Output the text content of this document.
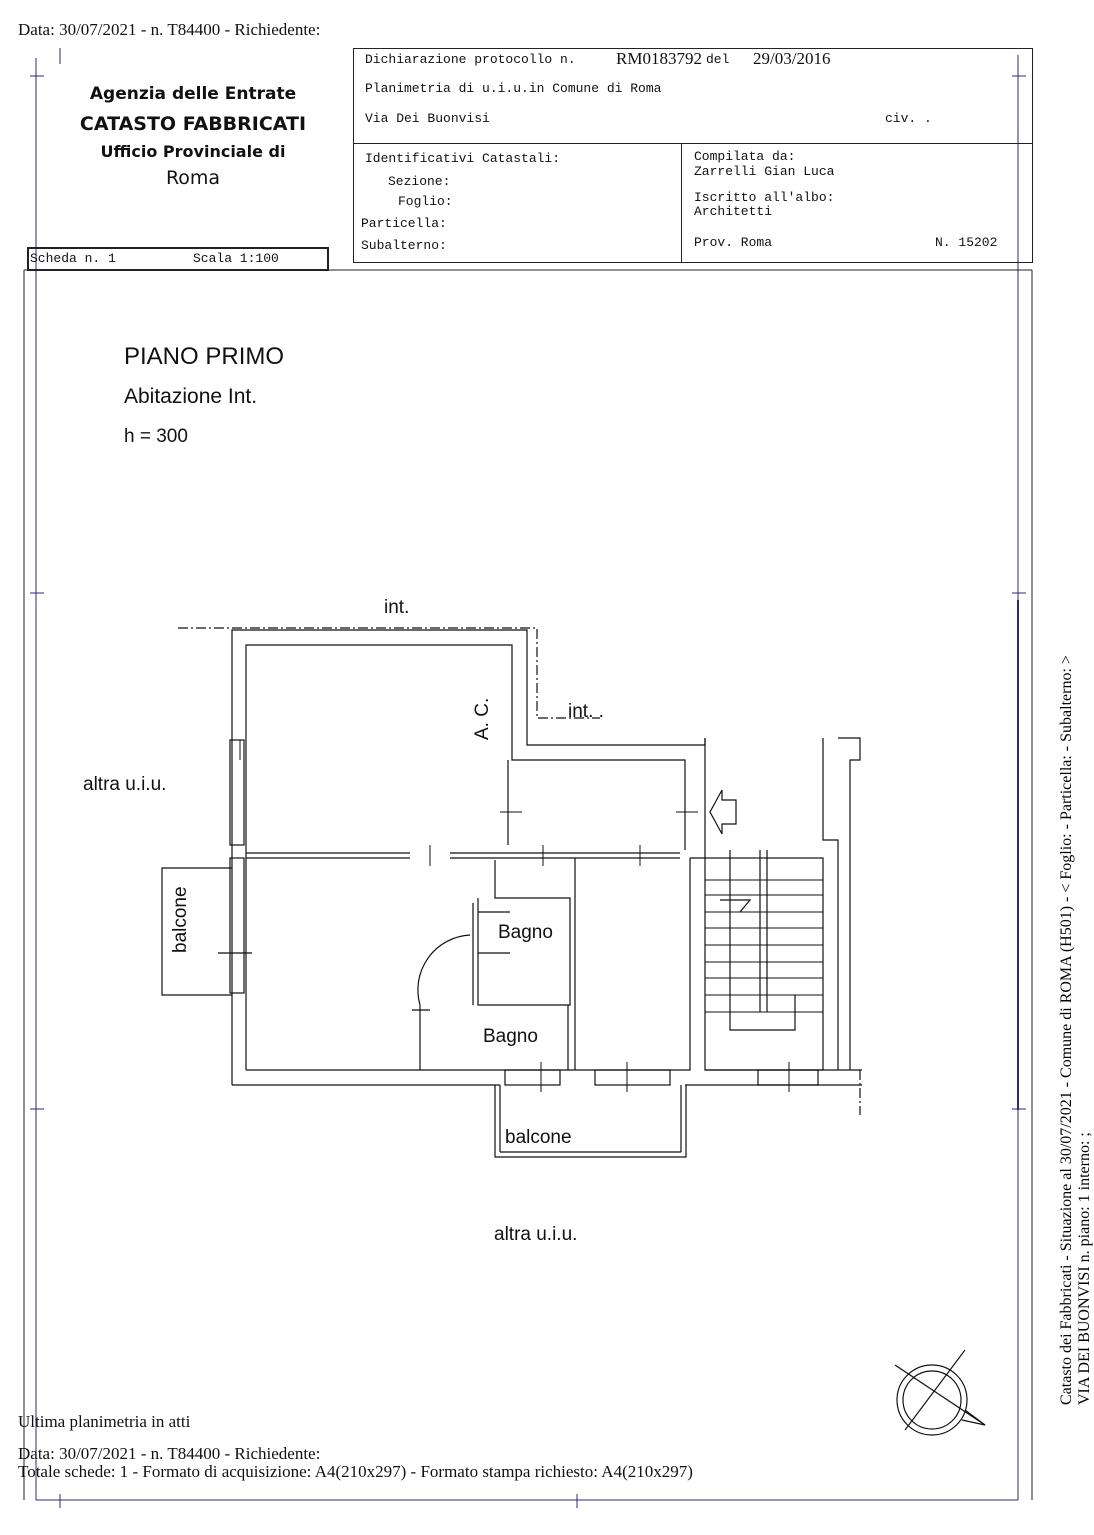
Data: 30/07/2021 - n. T84400 - Richiedente:
Agenzia delle Entrate
CATASTO FABBRICATI
Ufficio Provinciale di
Roma
Scheda n. 1	Scala 1:100
Dichiarazione protocollo n. RM0183792 del 29/03/2016
Planimetria di u.i.u.in Comune di Roma
Via Dei Buonvisi	civ. .
Identificativi Catastali:
Sezione:
Foglio:
Particella:
Subalterno:
Compilata da:
Zarrelli Gian Luca
Iscritto all'albo:
Architetti
Prov. Roma	N. 15202
PIANO PRIMO
Abitazione Int.
h = 300
int.
int. .
A. C.
altra u.i.u.
balcone	Bagno
Bagno
balcone
altra u.i.u.
Ultima planimetria in atti
Data: 30/07/2021 - n. T84400 - Richiedente:
Totale schede: 1 - Formato di acquisizione: A4(210x297) - Formato stampa richiesto: A4(210x297)
Catasto dei Fabbricati - Situazione al 30/07/2021 - Comune di ROMA (H501) - < Foglio: - Particella: - Subalterno: > VIA DEI BUONVISI n. piano: 1 interno: ;
